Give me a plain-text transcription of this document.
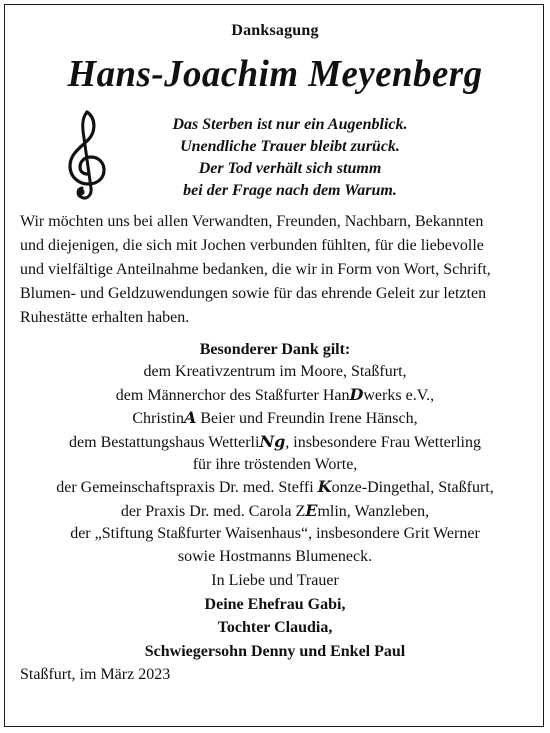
Danksagung
Hans-Joachim Meyenberg
Das Sterben ist nur ein Augenblick.
Unendliche Trauer bleibt zurück.
Der Tod verhält sich stumm
bei der Frage nach dem Warum.
Wir möchten uns bei allen Verwandten, Freunden, Nachbarn, Bekannten
und diejenigen, die sich mit Jochen verbunden fühlten, für die liebevolle
und vielfältige Anteilnahme bedanken, die wir in Form von Wort, Schrift,
Blumen- und Geldzuwendungen sowie für das ehrende Geleit zur letzten
Ruhestätte erhalten haben.
Besonderer Dank gilt:
dem Kreativzentrum im Moore, Staßfurt,
dem Männerchor des Staßfurter HanDwerks e.V.,
ChristinA Beier und Freundin Irene Hänsch,
dem Bestattungshaus WetterliNg, insbesondere Frau Wetterling
für ihre tröstenden Worte,
der Gemeinschaftspraxis Dr. med. Steffi Konze-Dingethal, Staßfurt,
der Praxis Dr. med. Carola ZEmlin, Wanzleben,
der „Stiftung Staßfurter Waisenhaus“, insbesondere Grit Werner
sowie Hostmanns Blumeneck.
In Liebe und Trauer
Deine Ehefrau Gabi,
Tochter Claudia,
Schwiegersohn Denny und Enkel Paul
Staßfurt, im März 2023
